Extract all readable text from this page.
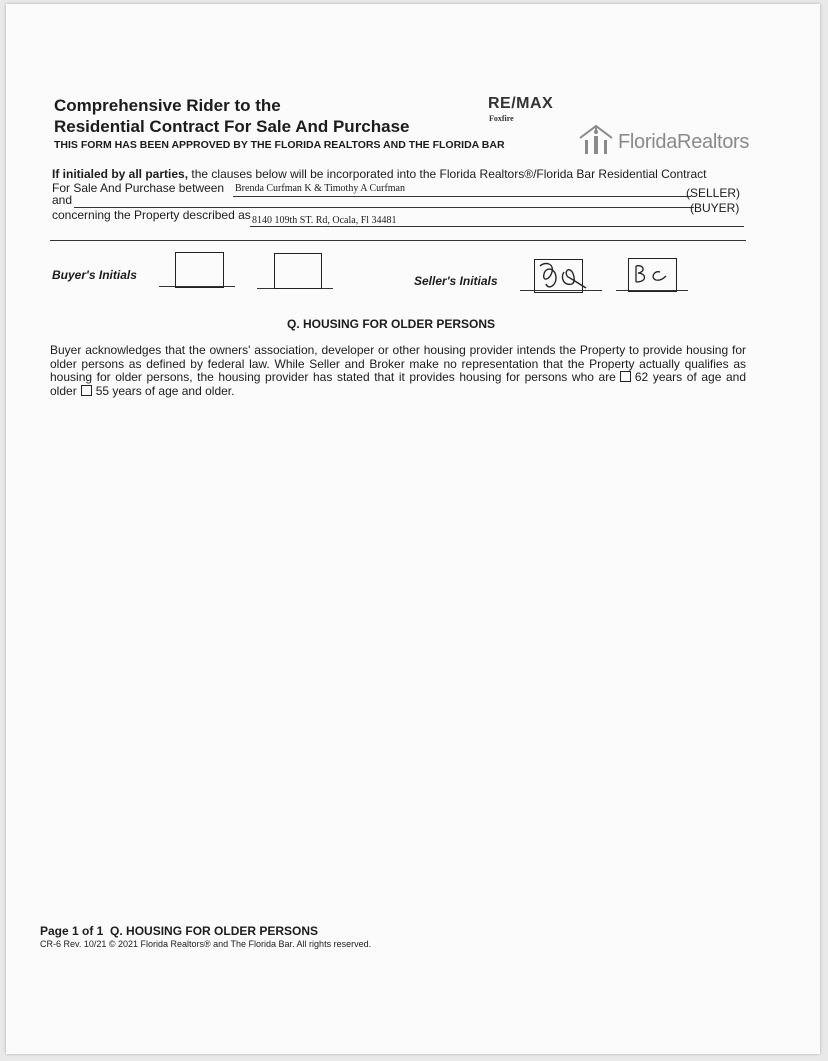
Comprehensive Rider to the
Residential Contract For Sale And Purchase
THIS FORM HAS BEEN APPROVED BY THE FLORIDA REALTORS AND THE FLORIDA BAR
RE/MAX
Foxfire
FloridaRealtors
If initialed by all parties, the clauses below will be incorporated into the Florida Realtors®/Florida Bar Residential Contract
For Sale And Purchase between Brenda Curfman K & Timothy A Curfman	(SELLER)
and
(BUYER)
concerning the Property described as 8140 109th ST. Rd, Ocala, Fl 34481
Buyer's Initials	Seller's Initials
Q. HOUSING FOR OLDER PERSONS
Buyer acknowledges that the owners' association, developer or other housing provider intends the Property to provide housing for older persons as defined by federal law. While Seller and Broker make no representation that the Property actually qualifies as housing for older persons, the housing provider has stated that it provides housing for persons who are 62 years of age and older 55 years of age and older.
Page 1 of 1 Q. HOUSING FOR OLDER PERSONS
CR-6 Rev. 10/21 © 2021 Florida Realtors® and The Florida Bar. All rights reserved.
